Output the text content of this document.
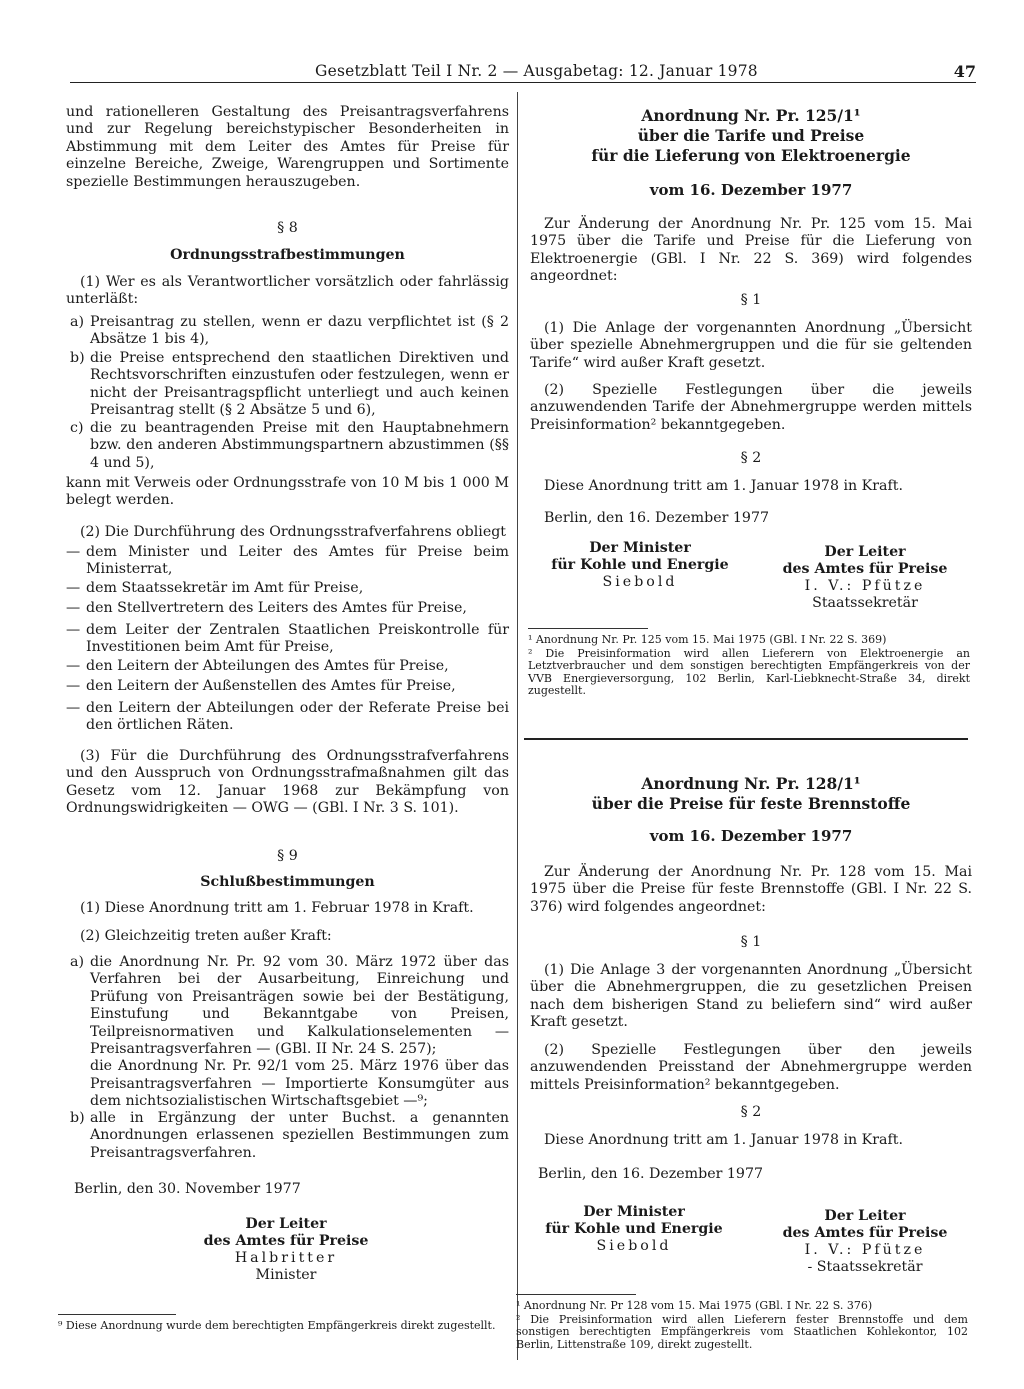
Gesetzblatt Teil I Nr. 2 — Ausgabetag: 12. Januar 1978	47

und rationelleren Gestaltung des Preisantragsverfahrens und zur Regelung bereichstypischer Besonderheiten in Abstimmung mit dem Leiter des Amtes für Preise für einzelne Bereiche, Zweige, Warengruppen und Sortimente spezielle Bestimmungen herauszugeben.

§ 8

Ordnungsstrafbestimmungen

(1) Wer es als Verantwortlicher vorsätzlich oder fahrlässig unterläßt:

a) Preisantrag zu stellen, wenn er dazu verpflichtet ist (§ 2 Absätze 1 bis 4),
b) die Preise entsprechend den staatlichen Direktiven und Rechtsvorschriften einzustufen oder festzulegen, wenn er nicht der Preisantragspflicht unterliegt und auch keinen Preisantrag stellt (§ 2 Absätze 5 und 6),
c) die zu beantragenden Preise mit den Hauptabnehmern bzw. den anderen Abstimmungspartnern abzustimmen (§§ 4 und 5),

kann mit Verweis oder Ordnungsstrafe von 10 M bis 1 000 M belegt werden.

(2) Die Durchführung des Ordnungsstrafverfahrens obliegt

— dem Minister und Leiter des Amtes für Preise beim Ministerrat,
— dem Staatssekretär im Amt für Preise,
— den Stellvertretern des Leiters des Amtes für Preise,
— dem Leiter der Zentralen Staatlichen Preiskontrolle für Investitionen beim Amt für Preise,
— den Leitern der Abteilungen des Amtes für Preise,
— den Leitern der Außenstellen des Amtes für Preise,
— den Leitern der Abteilungen oder der Referate Preise bei den örtlichen Räten.

(3) Für die Durchführung des Ordnungsstrafverfahrens und den Ausspruch von Ordnungsstrafmaßnahmen gilt das Gesetz vom 12. Januar 1968 zur Bekämpfung von Ordnungswidrigkeiten — OWG — (GBl. I Nr. 3 S. 101).

§ 9

Schlußbestimmungen

(1) Diese Anordnung tritt am 1. Februar 1978 in Kraft.

(2) Gleichzeitig treten außer Kraft:

a) die Anordnung Nr. Pr. 92 vom 30. März 1972 über das Verfahren bei der Ausarbeitung, Einreichung und Prüfung von Preisanträgen sowie bei der Bestätigung, Einstufung und Bekanntgabe von Preisen, Teilpreisnormativen und Kalkulationselementen — Preisantragsverfahren — (GBl. II Nr. 24 S. 257);
die Anordnung Nr. Pr. 92/1 vom 25. März 1976 über das Preisantragsverfahren — Importierte Konsumgüter aus dem nichtsozialistischen Wirtschaftsgebiet —⁹;
b) alle in Ergänzung der unter Buchst. a genannten Anordnungen erlassenen speziellen Bestimmungen zum Preisantragsverfahren.

Berlin, den 30. November 1977

Der Leiter
des Amtes für Preise
Halbritter
Minister

⁹ Diese Anordnung wurde dem berechtigten Empfängerkreis direkt zugestellt.

Anordnung Nr. Pr. 125/1¹
über die Tarife und Preise
für die Lieferung von Elektroenergie

vom 16. Dezember 1977

Zur Änderung der Anordnung Nr. Pr. 125 vom 15. Mai 1975 über die Tarife und Preise für die Lieferung von Elektroenergie (GBl. I Nr. 22 S. 369) wird folgendes angeordnet:

§ 1

(1) Die Anlage der vorgenannten Anordnung „Übersicht über spezielle Abnehmergruppen und die für sie geltenden Tarife“ wird außer Kraft gesetzt.

(2) Spezielle Festlegungen über die jeweils anzuwendenden Tarife der Abnehmergruppe werden mittels Preisinformation² bekanntgegeben.

§ 2

Diese Anordnung tritt am 1. Januar 1978 in Kraft.

Berlin, den 16. Dezember 1977

Der Minister
für Kohle und Energie
Siebold
Der Leiter
des Amtes für Preise
I. V.: Pfütze
Staatssekretär

¹ Anordnung Nr. Pr. 125 vom 15. Mai 1975 (GBl. I Nr. 22 S. 369)

² Die Preisinformation wird allen Lieferern von Elektroenergie an Letztverbraucher und dem sonstigen berechtigten Empfängerkreis von der VVB Energieversorgung, 102 Berlin, Karl-Liebknecht-Straße 34, direkt zugestellt.

Anordnung Nr. Pr. 128/1¹
über die Preise für feste Brennstoffe

vom 16. Dezember 1977

Zur Änderung der Anordnung Nr. Pr. 128 vom 15. Mai 1975 über die Preise für feste Brennstoffe (GBl. I Nr. 22 S. 376) wird folgendes angeordnet:

§ 1

(1) Die Anlage 3 der vorgenannten Anordnung „Übersicht über die Abnehmergruppen, die zu gesetzlichen Preisen nach dem bisherigen Stand zu beliefern sind“ wird außer Kraft gesetzt.

(2) Spezielle Festlegungen über den jeweils anzuwendenden Preisstand der Abnehmergruppe werden mittels Preisinformation² bekanntgegeben.

§ 2

Diese Anordnung tritt am 1. Januar 1978 in Kraft.

Berlin, den 16. Dezember 1977

Der Minister
für Kohle und Energie
Siebold
Der Leiter
des Amtes für Preise
I. V.: Pfütze
- Staatssekretär

¹ Anordnung Nr. Pr 128 vom 15. Mai 1975 (GBl. I Nr. 22 S. 376)

² Die Preisinformation wird allen Lieferern fester Brennstoffe und dem sonstigen berechtigten Empfängerkreis vom Staatlichen Kohlekontor, 102 Berlin, Littenstraße 109, direkt zugestellt.
